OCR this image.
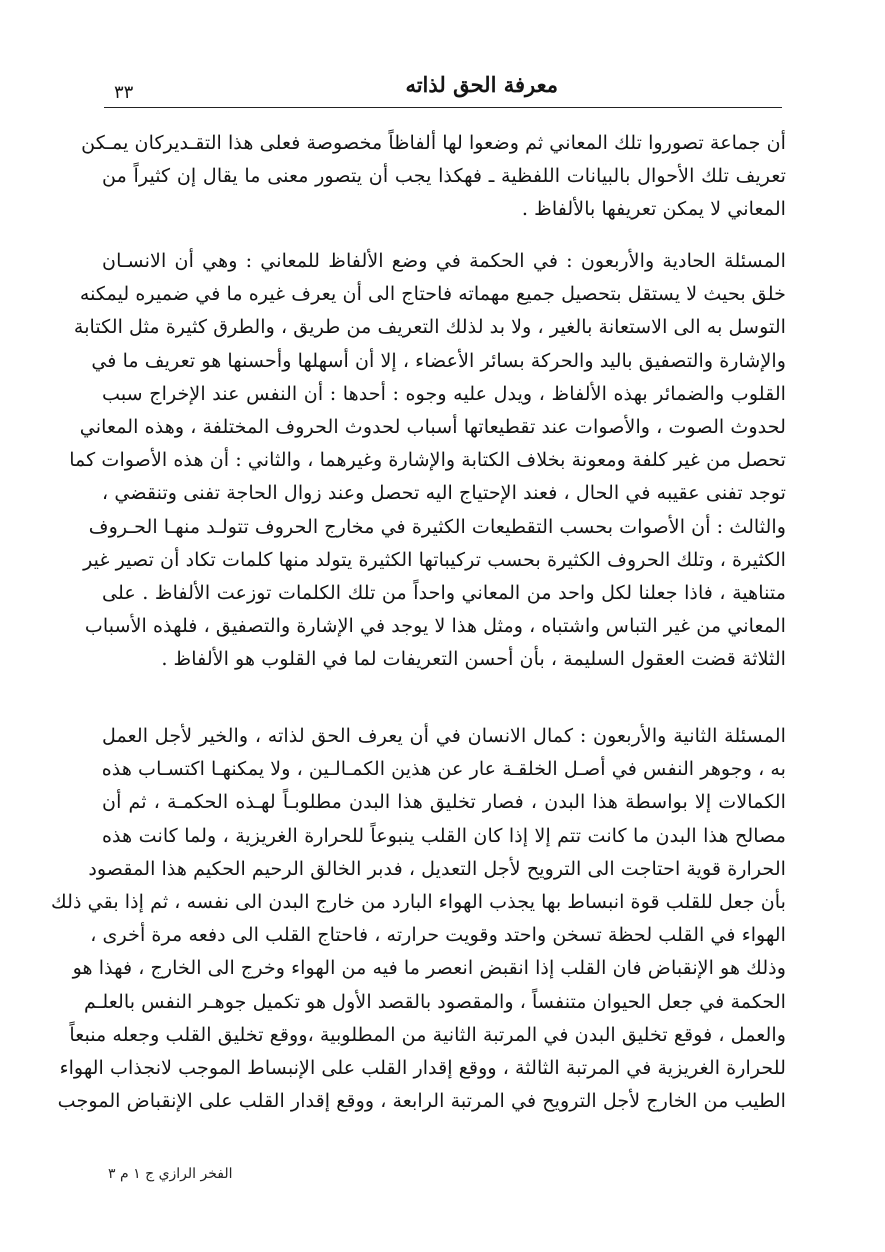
معرفة الحق لذاته
٣٣
أن جماعة تصوروا تلك المعاني ثم وضعوا لها ألفاظاً مخصوصة فعلى هذا التقـديركان يمـكن
تعريف تلك الأحوال بالبيانات اللفظية ـ فهكذا يجب أن يتصور معنى ما يقال إن كثيراً من
المعاني لا يمكن تعريفها بالألفاظ .
المسئلة الحادية والأربعون : في الحكمة في وضع الألفاظ للمعاني : وهي أن الانسـان
خلق بحيث لا يستقل بتحصيل جميع مهماته فاحتاج الى أن يعرف غيره ما في ضميره ليمكنه
التوسل به الى الاستعانة بالغير ، ولا بد لذلك التعريف من طريق ، والطرق كثيرة مثل الكتابة
والإشارة والتصفيق باليد والحركة بسائر الأعضاء ، إلا أن أسهلها وأحسنها هو تعريف ما في
القلوب والضمائر بهذه الألفاظ ، ويدل عليه وجوه : أحدها : أن النفس عند الإخراج سبب
لحدوث الصوت ، والأصوات عند تقطيعاتها أسباب لحدوث الحروف المختلفة ، وهذه المعاني
تحصل من غير كلفة ومعونة بخلاف الكتابة والإشارة وغيرهما ، والثاني : أن هذه الأصوات كما
توجد تفنى عقيبه في الحال ، فعند الإحتياج اليه تحصل وعند زوال الحاجة تفنى وتنقضي ،
والثالث : أن الأصوات بحسب التقطيعات الكثيرة في مخارج الحروف تتولـد منهـا الحـروف
الكثيرة ، وتلك الحروف الكثيرة بحسب تركيباتها الكثيرة يتولد منها كلمات تكاد أن تصير غير
متناهية ، فاذا جعلنا لكل واحد من المعاني واحداً من تلك الكلمات توزعت الألفاظ . على
المعاني من غير التباس واشتباه ، ومثل هذا لا يوجد في الإشارة والتصفيق ، فلهذه الأسباب
الثلاثة قضت العقول السليمة ، بأن أحسن التعريفات لما في القلوب هو الألفاظ .
المسئلة الثانية والأربعون : كمال الانسان في أن يعرف الحق لذاته ، والخير لأجل العمل
به ، وجوهر النفس في أصـل الخلقـة عار عن هذين الكمـالـين ، ولا يمكنهـا اكتسـاب هذه
الكمالات إلا بواسطة هذا البدن ، فصار تخليق هذا البدن مطلوبـاً لهـذه الحكمـة ، ثم أن
مصالح هذا البدن ما كانت تتم إلا إذا كان القلب ينبوعاً للحرارة الغريزية ، ولما كانت هذه
الحرارة قوية احتاجت الى الترويح لأجل التعديل ، فدبر الخالق الرحيم الحكيم هذا المقصود
بأن جعل للقلب قوة انبساط بها يجذب الهواء البارد من خارج البدن الى نفسه ، ثم إذا بقي ذلك
الهواء في القلب لحظة تسخن واحتد وقويت حرارته ، فاحتاج القلب الى دفعه مرة أخرى ،
وذلك هو الإنقباض فان القلب إذا انقبض انعصر ما فيه من الهواء وخرج الى الخارج ، فهذا هو
الحكمة في جعل الحيوان متنفساً ، والمقصود بالقصد الأول هو تكميل جوهـر النفس بالعلـم
والعمل ، فوقع تخليق البدن في المرتبة الثانية من المطلوبية ،ووقع تخليق القلب وجعله منبعاً
للحرارة الغريزية في المرتبة الثالثة ، ووقع إقدار القلب على الإنبساط الموجب لانجذاب الهواء
الطيب من الخارج لأجل الترويح في المرتبة الرابعة ، ووقع إقدار القلب على الإنقباض الموجب
الفخر الرازي ج ١ م ٣
